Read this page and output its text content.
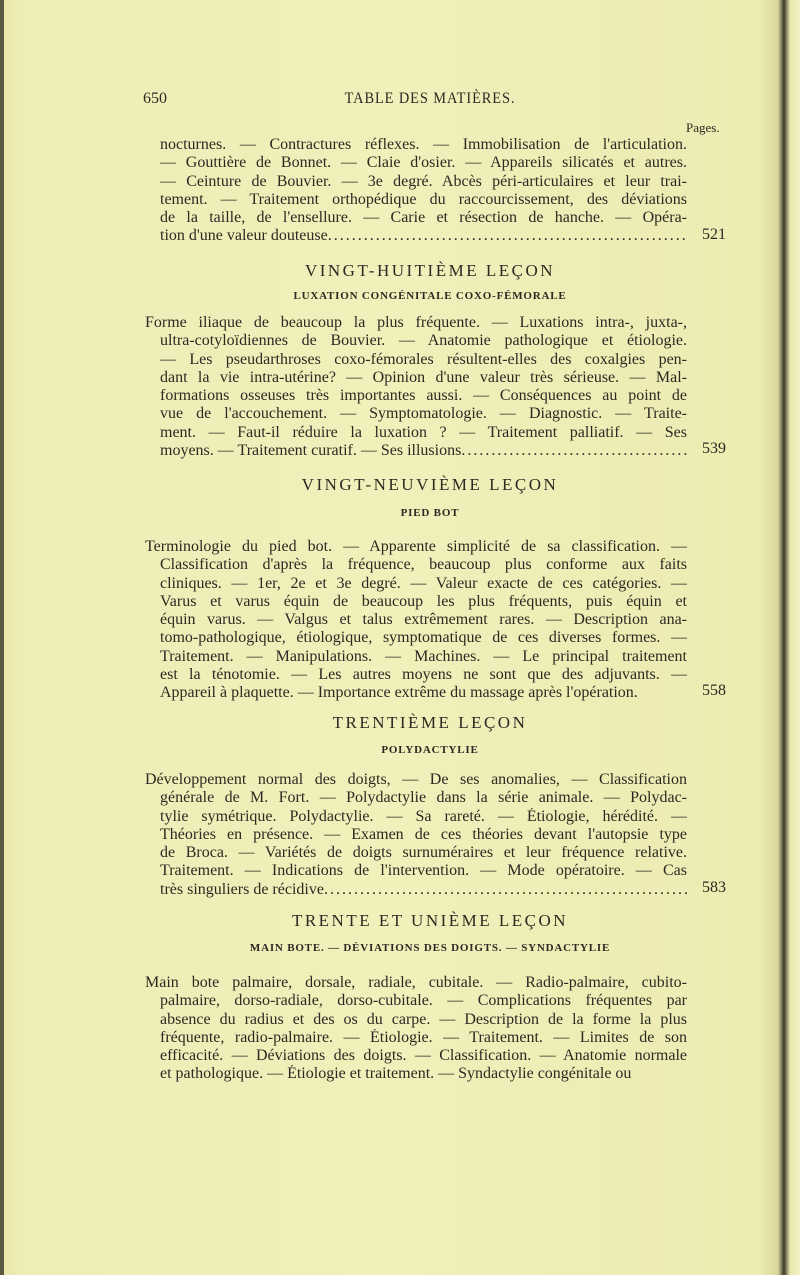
650	TABLE DES MATIÈRES.
Pages.
nocturnes. — Contractures réflexes. — Immobilisation de l'articulation.
— Gouttière de Bonnet. — Claie d'osier. — Appareils silicatés et autres.
— Ceinture de Bouvier. — 3e degré. Abcès péri-articulaires et leur trai-
tement. — Traitement orthopédique du raccourcissement, des déviations
de la taille, de l'ensellure. — Carie et résection de hanche. — Opéra-
tion d'une valeur douteuse . . .	521
VINGT-HUITIÈME LEÇON
LUXATION CONGÉNITALE COXO-FÉMORALE
Forme iliaque de beaucoup la plus fréquente. — Luxations intra-, juxta-,
ultra-cotyloïdiennes de Bouvier. — Anatomie pathologique et étiologie.
— Les pseudarthroses coxo-fémorales résultent-elles des coxalgies pen-
dant la vie intra-utérine? — Opinion d'une valeur très sérieuse. — Mal-
formations osseuses très importantes aussi. — Conséquences au point de
vue de l'accouchement. — Symptomatologie. — Diagnostic. — Traite-
ment. — Faut-il réduire la luxation ? — Traitement palliatif. — Ses
moyens. — Traitement curatif. — Ses illusions . . .	539
VINGT-NEUVIÈME LEÇON
PIED BOT
Terminologie du pied bot. — Apparente simplicité de sa classification. —
Classification d'après la fréquence, beaucoup plus conforme aux faits
cliniques. — 1er, 2e et 3e degré. — Valeur exacte de ces catégories. —
Varus et varus équin de beaucoup les plus fréquents, puis équin et
équin varus. — Valgus et talus extrêmement rares. — Description ana-
tomo-pathologique, étiologique, symptomatique de ces diverses formes. —
Traitement. — Manipulations. — Machines. — Le principal traitement
est la ténotomie. — Les autres moyens ne sont que des adjuvants. —
Appareil à plaquette. — Importance extrême du massage après l'opération.	558
TRENTIÈME LEÇON
POLYDACTYLIE
Développement normal des doigts, — De ses anomalies, — Classification
générale de M. Fort. — Polydactylie dans la série animale. — Polydac-
tylie symétrique. Polydactylie. — Sa rareté. — Étiologie, hérédité. —
Théories en présence. — Examen de ces théories devant l'autopsie type
de Broca. — Variétés de doigts surnuméraires et leur fréquence relative.
Traitement. — Indications de l'intervention. — Mode opératoire. — Cas
très singuliers de récidive . . .	583
TRENTE ET UNIÈME LEÇON
MAIN BOTE. — DÉVIATIONS DES DOIGTS. — SYNDACTYLIE
Main bote palmaire, dorsale, radiale, cubitale. — Radio-palmaire, cubito-
palmaire, dorso-radiale, dorso-cubitale. — Complications fréquentes par
absence du radius et des os du carpe. — Description de la forme la plus
fréquente, radio-palmaire. — Étiologie. — Traitement. — Limites de son
efficacité. — Déviations des doigts. — Classification. — Anatomie normale
et pathologique. — Étiologie et traitement. — Syndactylie congénitale ou
